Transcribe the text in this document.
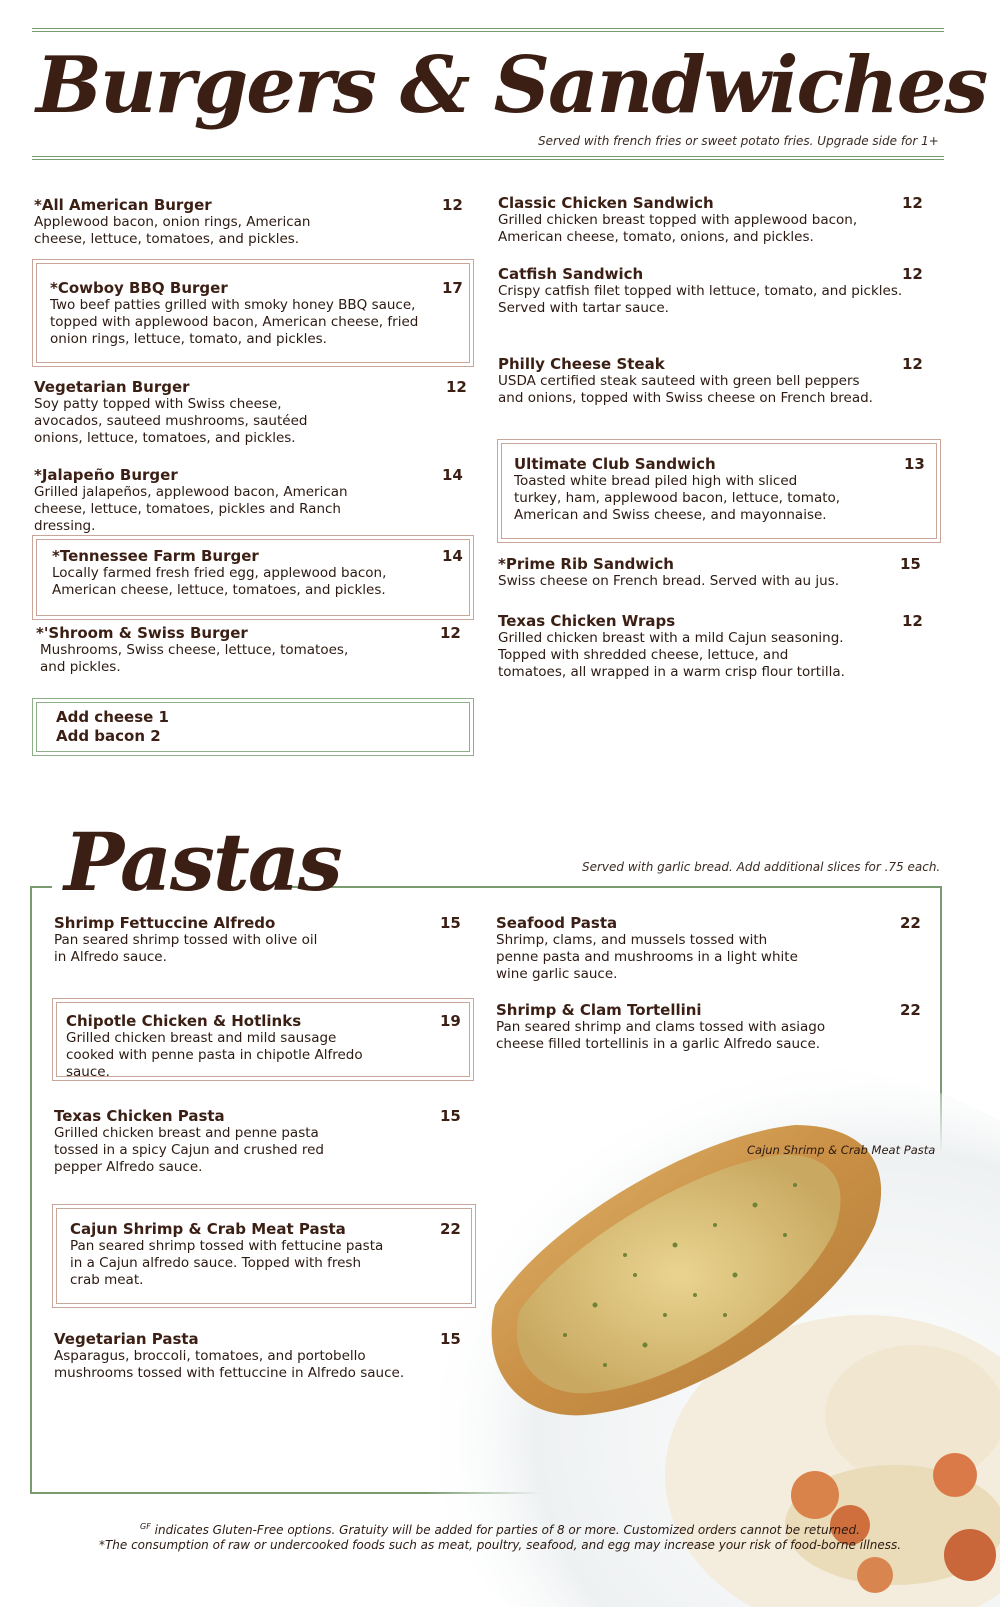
Burgers & Sandwiches
Served with french fries or sweet potato fries. Upgrade side for 1+
*All American Burger
Applewood bacon, onion rings, American cheese, lettuce, tomatoes, and pickles.
12
*Cowboy BBQ Burger
Two beef patties grilled with smoky honey BBQ sauce, topped with applewood bacon, American cheese, fried onion rings, lettuce, tomato, and pickles.
17
Vegetarian Burger
Soy patty topped with Swiss cheese, avocados, sauteed mushrooms, sautéed onions, lettuce, tomatoes, and pickles.
12
*Jalapeño Burger
Grilled jalapeños, applewood bacon, American cheese, lettuce, tomatoes, pickles and Ranch dressing.
14
*Tennessee Farm Burger
Locally farmed fresh fried egg, applewood bacon, American cheese, lettuce, tomatoes, and pickles.
14
*'Shroom & Swiss Burger
Mushrooms, Swiss cheese, lettuce, tomatoes, and pickles.
12
Add cheese 1
Add bacon 2
Classic Chicken Sandwich
Grilled chicken breast topped with applewood bacon, American cheese, tomato, onions, and pickles.
12
Catfish Sandwich
Crispy catfish filet topped with lettuce, tomato, and pickles. Served with tartar sauce.
12
Philly Cheese Steak
USDA certified steak sauteed with green bell peppers and onions, topped with Swiss cheese on French bread.
12
Ultimate Club Sandwich
Toasted white bread piled high with sliced turkey, ham, applewood bacon, lettuce, tomato, American and Swiss cheese, and mayonnaise.
13
*Prime Rib Sandwich
Swiss cheese on French bread. Served with au jus.
15
Texas Chicken Wraps
Grilled chicken breast with a mild Cajun seasoning. Topped with shredded cheese, lettuce, and tomatoes, all wrapped in a warm crisp flour tortilla.
12
Pastas	Served with garlic bread. Add additional slices for .75 each.
Cajun Shrimp & Crab Meat Pasta
Shrimp Fettuccine Alfredo
Pan seared shrimp tossed with olive oil in Alfredo sauce.
15
Chipotle Chicken & Hotlinks
Grilled chicken breast and mild sausage cooked with penne pasta in chipotle Alfredo sauce.
19
Texas Chicken Pasta
Grilled chicken breast and penne pasta tossed in a spicy Cajun and crushed red pepper Alfredo sauce.
15
Cajun Shrimp & Crab Meat Pasta
Pan seared shrimp tossed with fettucine pasta in a Cajun alfredo sauce. Topped with fresh crab meat.
22
Vegetarian Pasta
Asparagus, broccoli, tomatoes, and portobello mushrooms tossed with fettuccine in Alfredo sauce.
15
Seafood Pasta
Shrimp, clams, and mussels tossed with penne pasta and mushrooms in a light white wine garlic sauce.
22
Shrimp & Clam Tortellini
Pan seared shrimp and clams tossed with asiago cheese filled tortellinis in a garlic Alfredo sauce.
22
$^{GF}$ indicates Gluten-Free options. Gratuity will be added for parties of 8 or more. Customized orders cannot be returned.
*The consumption of raw or undercooked foods such as meat, poultry, seafood, and egg may increase your risk of food-borne illness.
